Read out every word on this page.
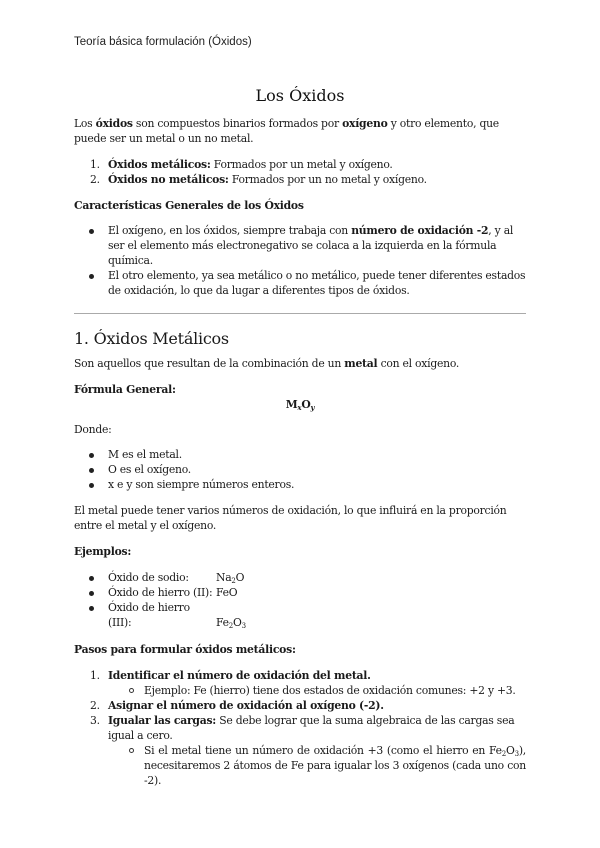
Teoría básica formulación (Óxidos)
Los Óxidos

Los óxidos son compuestos binarios formados por oxígeno y otro elemento, que puede ser un metal o un no metal.

1. Óxidos metálicos: Formados por un metal y oxígeno.
2. Óxidos no metálicos: Formados por un no metal y oxígeno.

Características Generales de los Óxidos

El oxígeno, en los óxidos, siempre trabaja con número de oxidación -2, y al ser el elemento más electronegativo se colaca a la izquierda en la fórmula química.
El otro elemento, ya sea metálico o no metálico, puede tener diferentes estados de oxidación, lo que da lugar a diferentes tipos de óxidos.

1. Óxidos Metálicos

Son aquellos que resultan de la combinación de un metal con el oxígeno.

Fórmula General:

$M_xO_y$

Donde:

M es el metal.
O es el oxígeno.
x e y son siempre números enteros.

El metal puede tener varios números de oxidación, lo que influirá en la proporción entre el metal y el oxígeno.

Ejemplos:

Óxido de sodio:	$Na_2O$
Óxido de hierro (II): FeO
Óxido de hierro (III):	$Fe_2O_3$

Pasos para formular óxidos metálicos:

1. Identificar el número de oxidación del metal.
Ejemplo: Fe (hierro) tiene dos estados de oxidación comunes: +2 y +3.
2. Asignar el número de oxidación al oxígeno (-2).
3. Igualar las cargas: Se debe lograr que la suma algebraica de las cargas sea igual a cero.
Si el metal tiene un número de oxidación +3 (como el hierro en $Fe_2O_3$), necesitaremos 2 átomos de Fe para igualar los 3 oxígenos (cada uno con -2).
